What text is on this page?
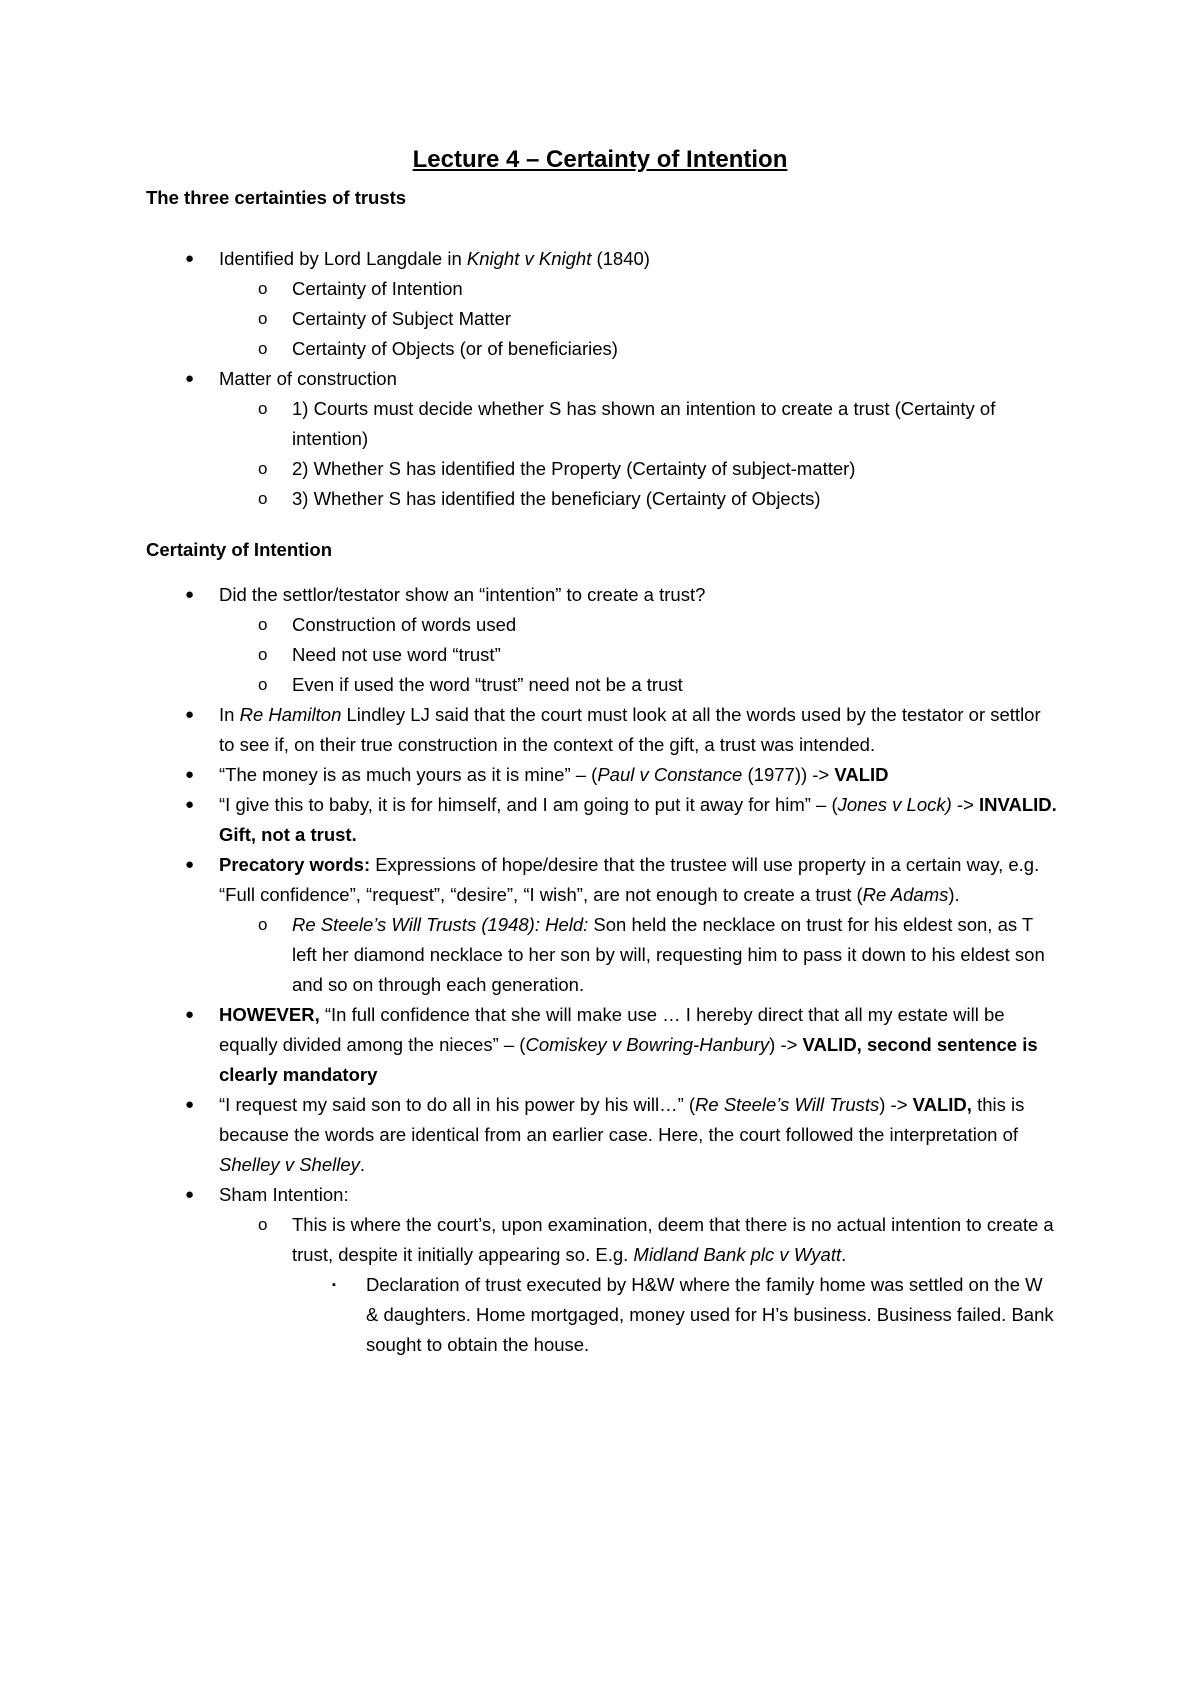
Lecture 4 – Certainty of Intention
The three certainties of trusts
● Identified by Lord Langdale in Knight v Knight (1840)
o Certainty of Intention
o Certainty of Subject Matter
o Certainty of Objects (or of beneficiaries)
● Matter of construction
o 1) Courts must decide whether S has shown an intention to create a trust (Certainty of intention)
o 2) Whether S has identified the Property (Certainty of subject-matter)
o 3) Whether S has identified the beneficiary (Certainty of Objects)
Certainty of Intention
● Did the settlor/testator show an “intention” to create a trust?
o Construction of words used
o Need not use word “trust”
o Even if used the word “trust” need not be a trust
● In Re Hamilton Lindley LJ said that the court must look at all the words used by the testator or settlor to see if, on their true construction in the context of the gift, a trust was intended.
● “The money is as much yours as it is mine” – (Paul v Constance (1977)) -> VALID
● “I give this to baby, it is for himself, and I am going to put it away for him” – (Jones v Lock) -> INVALID. Gift, not a trust.
● Precatory words: Expressions of hope/desire that the trustee will use property in a certain way, e.g. “Full confidence”, “request”, “desire”, “I wish”, are not enough to create a trust (Re Adams).
o Re Steele’s Will Trusts (1948): Held: Son held the necklace on trust for his eldest son, as T left her diamond necklace to her son by will, requesting him to pass it down to his eldest son and so on through each generation.
● HOWEVER, “In full confidence that she will make use … I hereby direct that all my estate will be equally divided among the nieces” – (Comiskey v Bowring-Hanbury) -> VALID, second sentence is clearly mandatory
● “I request my said son to do all in his power by his will…” (Re Steele’s Will Trusts) -> VALID, this is because the words are identical from an earlier case. Here, the court followed the interpretation of Shelley v Shelley.
● Sham Intention:
o This is where the court’s, upon examination, deem that there is no actual intention to create a trust, despite it initially appearing so. E.g. Midland Bank plc v Wyatt.
▪ Declaration of trust executed by H&W where the family home was settled on the W & daughters. Home mortgaged, money used for H’s business. Business failed. Bank sought to obtain the house.
